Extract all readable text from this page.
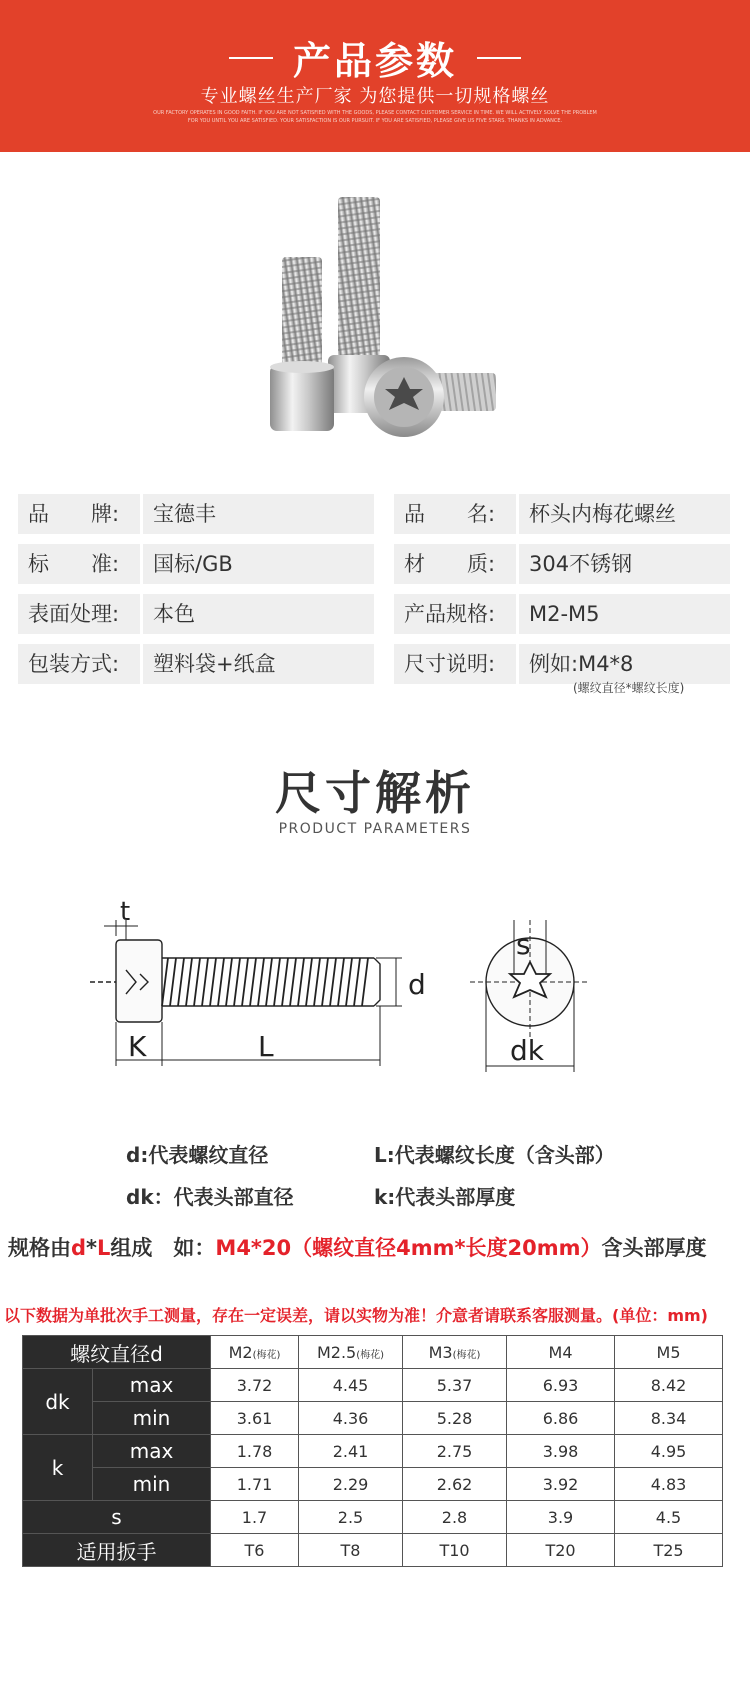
产品参数
专业螺丝生产厂家 为您提供一切规格螺丝
OUR FACTORY OPERATES IN GOOD FAITH. IF YOU ARE NOT SATISFIED WITH THE GOODS, PLEASE CONTACT CUSTOMER SERVICE IN TIME. WE WILL ACTIVELY SOLVE THE PROBLEM
FOR YOU UNTIL YOU ARE SATISFIED. YOUR SATISFACTION IS OUR PURSUIT. IF YOU ARE SATISFIED, PLEASE GIVE US FIVE STARS. THANKS IN ADVANCE.
品　　牌:	宝德丰	品　　名:	杯头内梅花螺丝
标　　准:	国标/GB	材　　质:	304不锈钢
表面处理:	本色	产品规格:	M2-M5
包装方式:	塑料袋+纸盒	尺寸说明:	例如:M4*8
(螺纹直径*螺纹长度)
尺寸解析
PRODUCT PARAMETERS
t
K	L
d
s
dk
d:代表螺纹直径	L:代表螺纹长度（含头部）
dk：代表头部直径	k:代表头部厚度
规格由d*L组成　如：M4*20（螺纹直径4mm*长度20mm）含头部厚度
以下数据为单批次手工测量，存在一定误差，请以实物为准！介意者请联系客服测量。(单位：mm)
螺纹直径d		M2(梅花)	M2.5(梅花)	M3(梅花)	M4	M5
dk	max	3.72	4.45	5.37	6.93	8.42
	min	3.61	4.36	5.28	6.86	8.34
k	max	1.78	2.41	2.75	3.98	4.95
	min	1.71	2.29	2.62	3.92	4.83
s		1.7	2.5	2.8	3.9	4.5
适用扳手		T6	T8	T10	T20	T25
